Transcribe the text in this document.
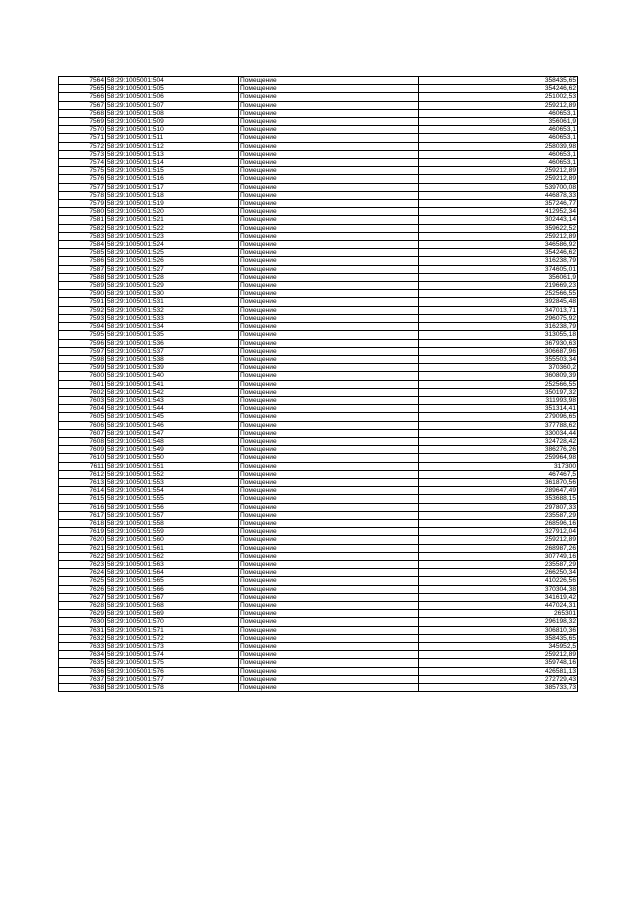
7564	58:29:1005001:504	Помещение	358435,65
7565	58:29:1005001:505	Помещение	354246,62
7566	58:29:1005001:506	Помещение	251002,53
7567	58:29:1005001:507	Помещение	259212,89
7568	58:29:1005001:508	Помещение	460653,1
7569	58:29:1005001:509	Помещение	356061,9
7570	58:29:1005001:510	Помещение	460653,1
7571	58:29:1005001:511	Помещение	460653,1
7572	58:29:1005001:512	Помещение	258039,98
7573	58:29:1005001:513	Помещение	460653,1
7574	58:29:1005001:514	Помещение	460653,1
7575	58:29:1005001:515	Помещение	259212,89
7576	58:29:1005001:516	Помещение	259212,89
7577	58:29:1005001:517	Помещение	539700,08
7578	58:29:1005001:518	Помещение	446878,33
7579	58:29:1005001:519	Помещение	357246,77
7580	58:29:1005001:520	Помещение	412952,34
7581	58:29:1005001:521	Помещение	302443,14
7582	58:29:1005001:522	Помещение	359622,52
7583	58:29:1005001:523	Помещение	259212,89
7584	58:29:1005001:524	Помещение	346586,92
7585	58:29:1005001:525	Помещение	354246,62
7586	58:29:1005001:526	Помещение	316238,79
7587	58:29:1005001:527	Помещение	374605,01
7588	58:29:1005001:528	Помещение	356061,9
7589	58:29:1005001:529	Помещение	219669,23
7590	58:29:1005001:530	Помещение	252566,55
7591	58:29:1005001:531	Помещение	392845,48
7592	58:29:1005001:532	Помещение	347013,71
7593	58:29:1005001:533	Помещение	296075,92
7594	58:29:1005001:534	Помещение	316238,79
7595	58:29:1005001:535	Помещение	313055,18
7596	58:29:1005001:536	Помещение	367930,63
7597	58:29:1005001:537	Помещение	306687,96
7598	58:29:1005001:538	Помещение	355503,34
7599	58:29:1005001:539	Помещение	370360,2
7600	58:29:1005001:540	Помещение	360809,39
7601	58:29:1005001:541	Помещение	252566,55
7602	58:29:1005001:542	Помещение	350197,32
7603	58:29:1005001:543	Помещение	311993,98
7604	58:29:1005001:544	Помещение	351314,41
7605	58:29:1005001:545	Помещение	279096,65
7606	58:29:1005001:546	Помещение	377788,62
7607	58:29:1005001:547	Помещение	330034,44
7608	58:29:1005001:548	Помещение	324728,42
7609	58:29:1005001:549	Помещение	386276,26
7610	58:29:1005001:550	Помещение	259964,98
7611	58:29:1005001:551	Помещение	317300
7612	58:29:1005001:552	Помещение	467467,5
7613	58:29:1005001:553	Помещение	361870,56
7614	58:29:1005001:554	Помещение	289647,49
7615	58:29:1005001:555	Помещение	353688,15
7616	58:29:1005001:556	Помещение	297807,33
7617	58:29:1005001:557	Помещение	235587,29
7618	58:29:1005001:558	Помещение	268596,16
7619	58:29:1005001:559	Помещение	327912,04
7620	58:29:1005001:560	Помещение	259212,89
7621	58:29:1005001:561	Помещение	268987,26
7622	58:29:1005001:562	Помещение	307749,16
7623	58:29:1005001:563	Помещение	235587,29
7624	58:29:1005001:564	Помещение	266250,34
7625	58:29:1005001:565	Помещение	410226,56
7626	58:29:1005001:566	Помещение	370304,38
7627	58:29:1005001:567	Помещение	341619,42
7628	58:29:1005001:568	Помещение	447024,31
7629	58:29:1005001:569	Помещение	265301
7630	58:29:1005001:570	Помещение	296198,32
7631	58:29:1005001:571	Помещение	306810,36
7632	58:29:1005001:572	Помещение	358435,65
7633	58:29:1005001:573	Помещение	345952,5
7634	58:29:1005001:574	Помещение	259212,89
7635	58:29:1005001:575	Помещение	359748,16
7636	58:29:1005001:576	Помещение	426581,13
7637	58:29:1005001:577	Помещение	272729,43
7638	58:29:1005001:578	Помещение	385733,73
